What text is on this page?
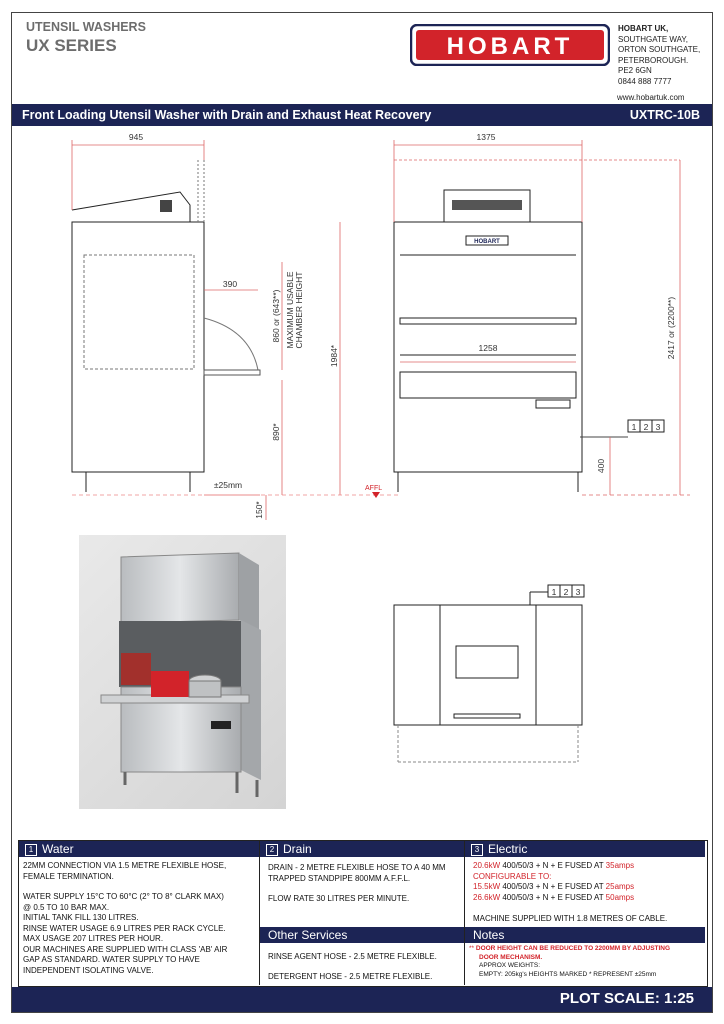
UTENSIL WASHERS
UX SERIES	HOBART
HOBART UK,
SOUTHGATE WAY,
ORTON SOUTHGATE,
PETERBOROUGH.
PE2 6GN
0844 888 7777
www.hobartuk.com
Front Loading Utensil Washer with Drain and Exhaust Heat Recovery	UXTRC-10B
945	1375
390
860 or (643**) MAXIMUM USABLE CHAMBER HEIGHT
1984*
890*
±25mm
150*
AFFL
1258	2417 or (2200**)
400
HOBART
1 2 3
1 2 3
1 Water	2 Drain	3 Electric
22MM CONNECTION VIA 1.5 METRE FLEXIBLE HOSE,
FEMALE TERMINATION.
WATER SUPPLY 15°C TO 60°C (2° TO 8° CLARK MAX)
@ 0.5 TO 10 BAR MAX.
INITIAL TANK FILL 130 LITRES.
RINSE WATER USAGE 6.9 LITRES PER RACK CYCLE.
MAX USAGE 207 LITRES PER HOUR.
OUR MACHINES ARE SUPPLIED WITH CLASS 'AB' AIR
GAP AS STANDARD. WATER SUPPLY TO HAVE
INDEPENDENT ISOLATING VALVE.
DRAIN - 2 METRE FLEXIBLE HOSE TO A 40 MM
TRAPPED STANDPIPE 800MM A.F.F.L.
FLOW RATE 30 LITRES PER MINUTE.
Other Services
RINSE AGENT HOSE - 2.5 METRE FLEXIBLE.
DETERGENT HOSE - 2.5 METRE FLEXIBLE.
20.6kW 400/50/3 + N + E FUSED AT 35amps
CONFIGURABLE TO:
15.5kW 400/50/3 + N + E FUSED AT 25amps
26.6kW 400/50/3 + N + E FUSED AT 50amps
MACHINE SUPPLIED WITH 1.8 METRES OF CABLE.
Notes
** DOOR HEIGHT CAN BE REDUCED TO 2200MM BY ADJUSTING
DOOR MECHANISM.
APPROX WEIGHTS:
EMPTY: 205kg's HEIGHTS MARKED * REPRESENT ±25mm
PLOT SCALE: 1:25
